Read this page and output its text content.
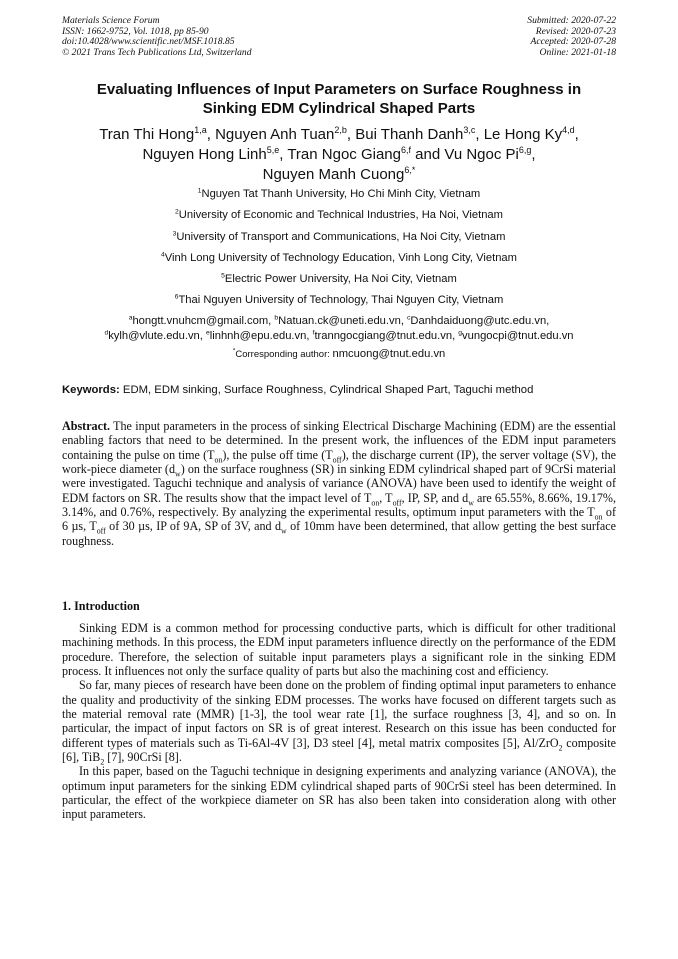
Materials Science Forum
ISSN: 1662-9752, Vol. 1018, pp 85-90
doi:10.4028/www.scientific.net/MSF.1018.85
© 2021 Trans Tech Publications Ltd, Switzerland
Submitted: 2020-07-22
Revised: 2020-07-23
Accepted: 2020-07-28
Online: 2021-01-18
Evaluating Influences of Input Parameters on Surface Roughness in
Sinking EDM Cylindrical Shaped Parts
Tran Thi Hong$^{1,a}$, Nguyen Anh Tuan$^{2,b}$, Bui Thanh Danh$^{3,c}$, Le Hong Ky$^{4,d}$,
Nguyen Hong Linh$^{5,e}$, Tran Ngoc Giang$^{6,f}$ and Vu Ngoc Pi$^{6,g}$,
Nguyen Manh Cuong$^{6,*}$
$^1$Nguyen Tat Thanh University, Ho Chi Minh City, Vietnam
$^2$University of Economic and Technical Industries, Ha Noi, Vietnam
$^3$University of Transport and Communications, Ha Noi City, Vietnam
$^4$Vinh Long University of Technology Education, Vinh Long City, Vietnam
$^5$Electric Power University, Ha Noi City, Vietnam
$^6$Thai Nguyen University of Technology, Thai Nguyen City, Vietnam
$^a$hongtt.vnuhcm@gmail.com, $^b$Natuan.ck@uneti.edu.vn, $^c$Danhdaiduong@utc.edu.vn,
$^d$kylh@vlute.edu.vn, $^e$linhnh@epu.edu.vn, $^f$tranngocgiang@tnut.edu.vn, $^g$vungocpi@tnut.edu.vn
*Corresponding author: nmcuong@tnut.edu.vn
Keywords: EDM, EDM sinking, Surface Roughness, Cylindrical Shaped Part, Taguchi method

Abstract. The input parameters in the process of sinking Electrical Discharge Machining (EDM) are the essential enabling factors that need to be determined. In the present work, the influences of the EDM input parameters containing the pulse on time $(T_{on})$, the pulse off time $(T_{off})$, the discharge current (IP), the server voltage (SV), the work-piece diameter $(d_w)$ on the surface roughness (SR) in sinking EDM cylindrical shaped part of 9CrSi material were investigated. Taguchi technique and analysis of variance (ANOVA) have been used to identify the weight of EDM factors on SR. The results show that the impact level of $T_{on}$, $T_{off}$, IP, SP, and $d_w$ are 65.55%, 8.66%, 19.17%, 3.14%, and 0.76%, respectively. By analyzing the experimental results, optimum input parameters with the $T_{on}$ of 6 µs, $T_{off}$ of 30 µs, IP of 9A, SP of 3V, and $d_w$ of 10mm have been determined, that allow getting the best surface roughness.

1. Introduction

Sinking EDM is a common method for processing conductive parts, which is difficult for other traditional machining methods. In this process, the EDM input parameters influence directly on the performance of the EDM procedure. Therefore, the selection of suitable input parameters plays a significant role in the sinking EDM process. It influences not only the surface quality of parts but also the machining cost and efficiency.

So far, many pieces of research have been done on the problem of finding optimal input parameters to enhance the quality and productivity of the sinking EDM processes. The works have focused on different targets such as the material removal rate (MMR) [1-3], the tool wear rate [1], the surface roughness [3, 4], and so on. In particular, the impact of input factors on SR is of great interest. Research on this issue has been conducted for different types of materials such as Ti-6Al-4V [3], D3 steel [4], metal matrix composites [5], Al/ZrO$_2$ composite [6], TiB$_2$ [7], 90CrSi [8].

In this paper, based on the Taguchi technique in designing experiments and analyzing variance (ANOVA), the optimum input parameters for the sinking EDM cylindrical shaped parts of 90CrSi steel has been determined. In particular, the effect of the workpiece diameter on SR has also been taken into consideration along with other input parameters.
